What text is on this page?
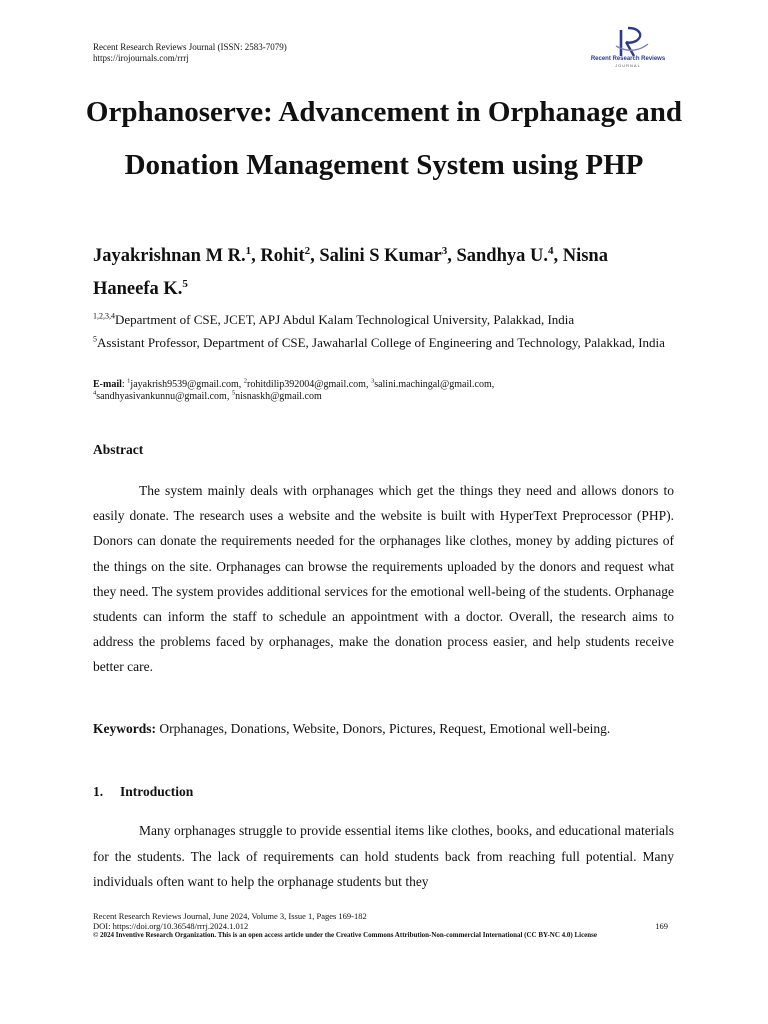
Recent Research Reviews Journal (ISSN: 2583-7079)
https://irojournals.com/rrrj	Recent Research Reviews
JOURNAL
Orphanoserve: Advancement in Orphanage and Donation Management System using PHP

Jayakrishnan M R.$^1$, Rohit$^2$, Salini S Kumar$^3$, Sandhya U.$^4$, Nisna Haneefa K.$^5$

$^{1,2,3,4}$Department of CSE, JCET, APJ Abdul Kalam Technological University, Palakkad, India

$^5$Assistant Professor, Department of CSE, Jawaharlal College of Engineering and Technology, Palakkad, India

E-mail: $^1$jayakrish9539@gmail.com, $^2$rohitdilip392004@gmail.com, $^3$salini.machingal@gmail.com,
$^4$sandhyasivankunnu@gmail.com, $^5$nisnaskh@gmail.com

Abstract

The system mainly deals with orphanages which get the things they need and allows donors to easily donate. The research uses a website and the website is built with HyperText Preprocessor (PHP). Donors can donate the requirements needed for the orphanages like clothes, money by adding pictures of the things on the site. Orphanages can browse the requirements uploaded by the donors and request what they need. The system provides additional services for the emotional well-being of the students. Orphanage students can inform the staff to schedule an appointment with a doctor. Overall, the research aims to address the problems faced by orphanages, make the donation process easier, and help students receive better care.

Keywords: Orphanages, Donations, Website, Donors, Pictures, Request, Emotional well-being.

1. Introduction

Many orphanages struggle to provide essential items like clothes, books, and educational materials for the students. The lack of requirements can hold students back from reaching full potential. Many individuals often want to help the orphanage students but they

Recent Research Reviews Journal, June 2024, Volume 3, Issue 1, Pages 169-182
DOI: https://doi.org/10.36548/rrrj.2024.1.012	169
© 2024 Inventive Research Organization. This is an open access article under the Creative Commons Attribution-Non-commercial International (CC BY-NC 4.0) License
